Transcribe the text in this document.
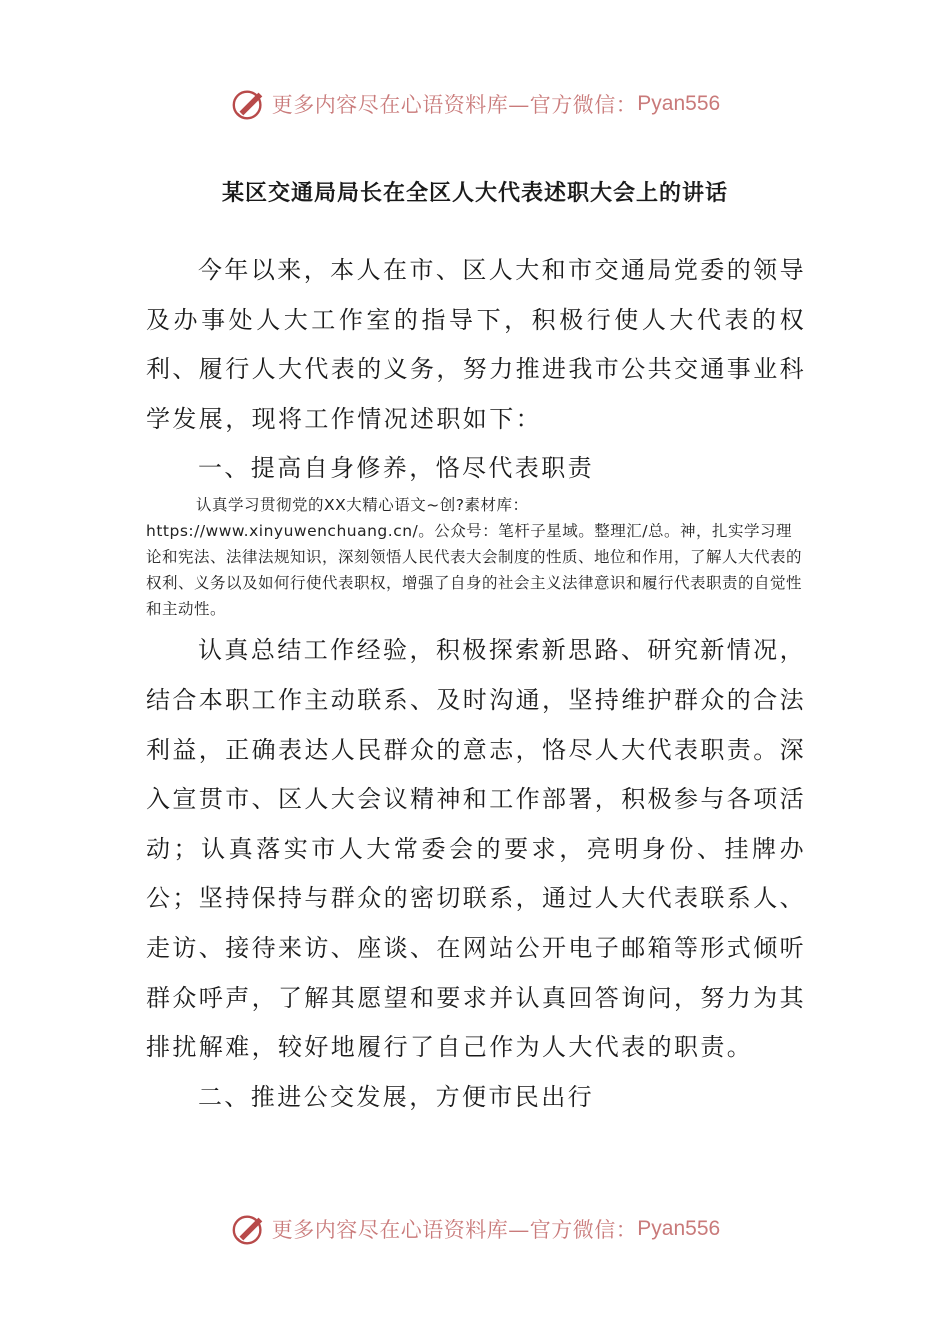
更多内容尽在心语资料库—官方微信： Pyan556
某区交通局局长在全区人大代表述职大会上的讲话

今年以来，本人在市、区人大和市交通局党委的领导及办事处人大工作室的指导下，积极行使人大代表的权利、履行人大代表的义务，努力推进我市公共交通事业科学发展，现将工作情况述职如下：

一、提高自身修养，恪尽代表职责

认真学习贯彻党的XX大精心语文~创?素材库：https://www.xinyuwenchuang.cn/。公众号：笔杆子星域。整理汇/总。神，扎实学习理论和宪法、法律法规知识，深刻领悟人民代表大会制度的性质、地位和作用，了解人大代表的权利、义务以及如何行使代表职权，增强了自身的社会主义法律意识和履行代表职责的自觉性和主动性。

认真总结工作经验，积极探索新思路、研究新情况，结合本职工作主动联系、及时沟通，坚持维护群众的合法利益，正确表达人民群众的意志，恪尽人大代表职责。深入宣贯市、区人大会议精神和工作部署，积极参与各项活动；认真落实市人大常委会的要求，亮明身份、挂牌办公；坚持保持与群众的密切联系，通过人大代表联系人、走访、接待来访、座谈、在网站公开电子邮箱等形式倾听群众呼声，了解其愿望和要求并认真回答询问，努力为其排扰解难，较好地履行了自己作为人大代表的职责。

二、推进公交发展，方便市民出行

更多内容尽在心语资料库—官方微信： Pyan556
